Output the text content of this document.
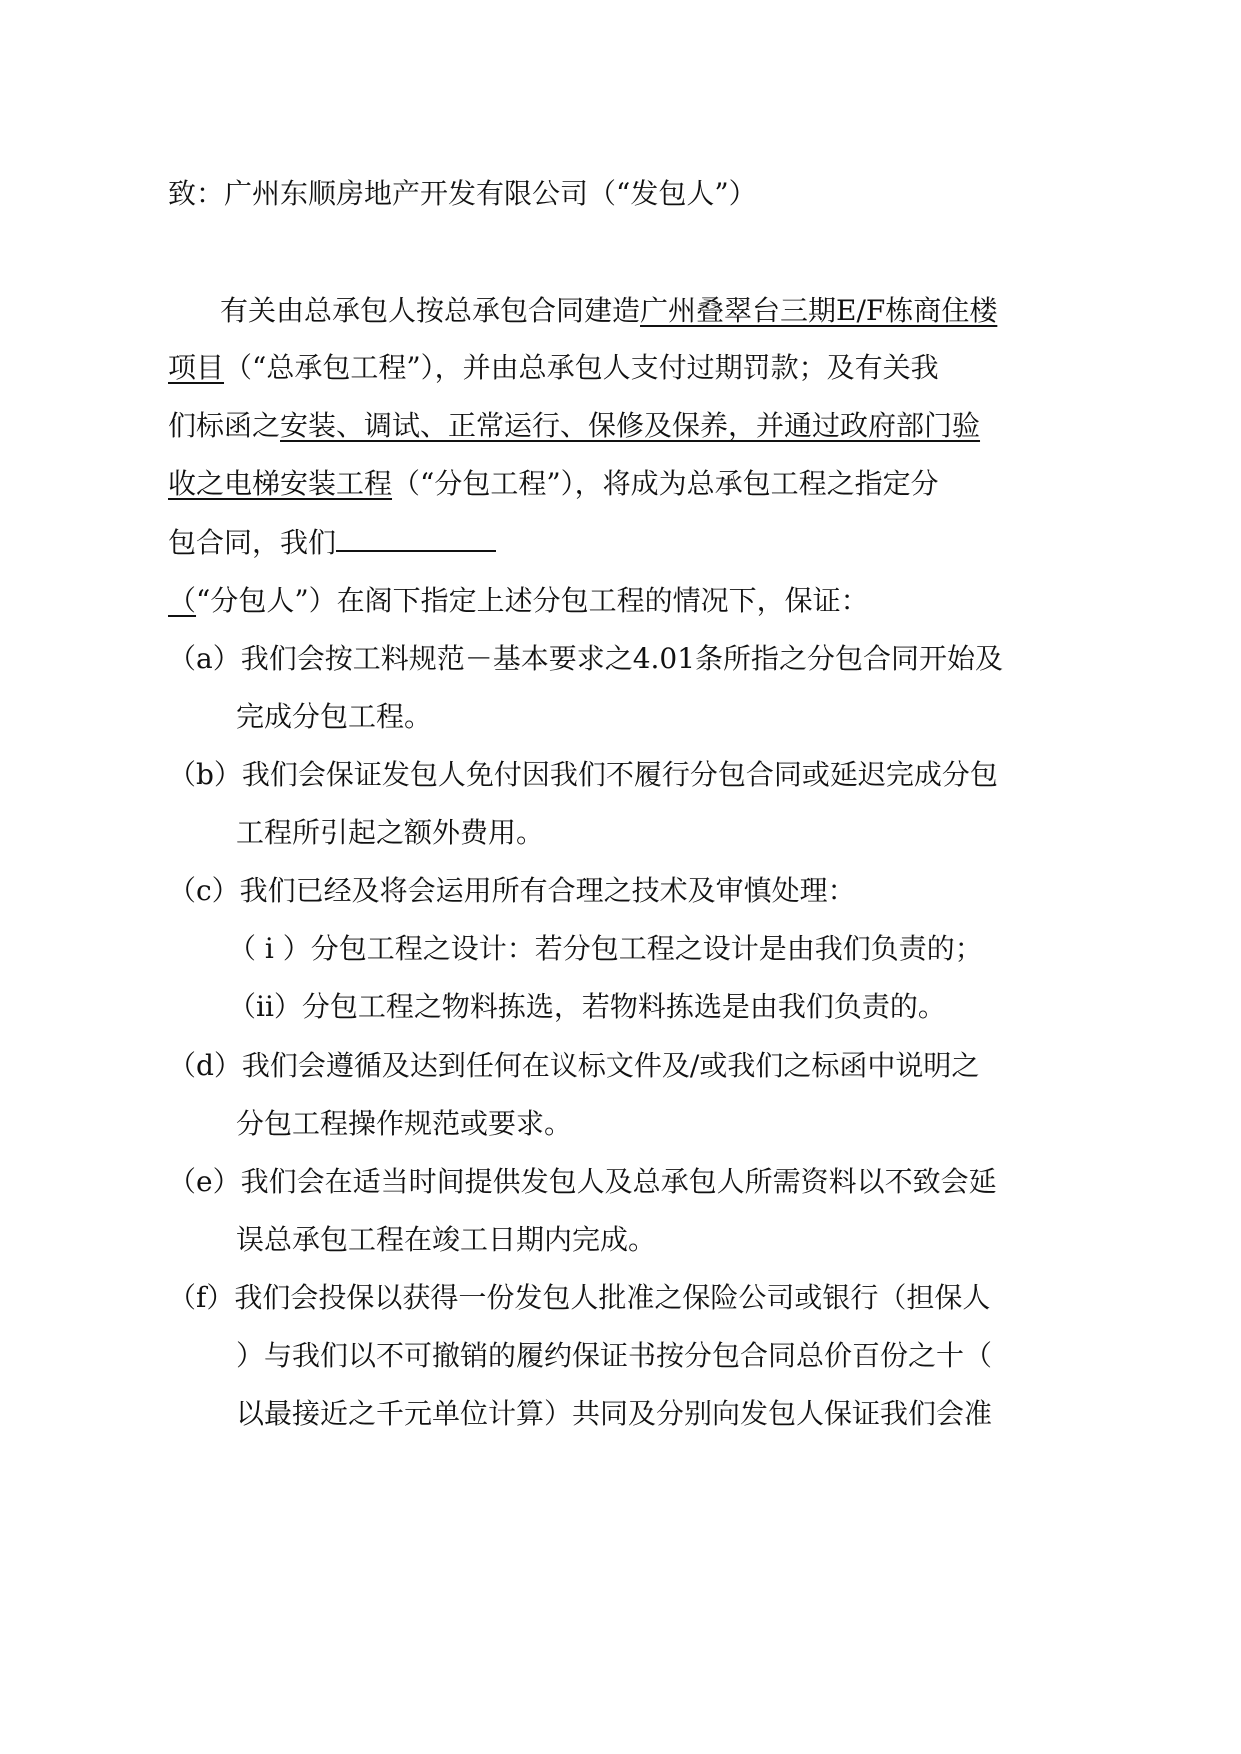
致：广州东顺房地产开发有限公司（“发包人”）
有关由总承包人按总承包合同建造广州叠翠台三期E/F栋商住楼
项目（“总承包工程”），并由总承包人支付过期罚款；及有关我
们标函之安装、调试、正常运行、保修及保养，并通过政府部门验
收之电梯安装工程（“分包工程”），将成为总承包工程之指定分
包合同，我们
（“分包人”）在阁下指定上述分包工程的情况下，保证：
（a）我们会按工料规范－基本要求之4.01条所指之分包合同开始及
完成分包工程。
（b）我们会保证发包人免付因我们不履行分包合同或延迟完成分包
工程所引起之额外费用。
（c）我们已经及将会运用所有合理之技术及审慎处理：
（ i ）分包工程之设计：若分包工程之设计是由我们负责的；
（ii）分包工程之物料拣选，若物料拣选是由我们负责的。
（d）我们会遵循及达到任何在议标文件及/或我们之标函中说明之
分包工程操作规范或要求。
（e）我们会在适当时间提供发包人及总承包人所需资料以不致会延
误总承包工程在竣工日期内完成。
（f）我们会投保以获得一份发包人批准之保险公司或银行（担保人
）与我们以不可撤销的履约保证书按分包合同总价百份之十（
以最接近之千元单位计算）共同及分别向发包人保证我们会准
